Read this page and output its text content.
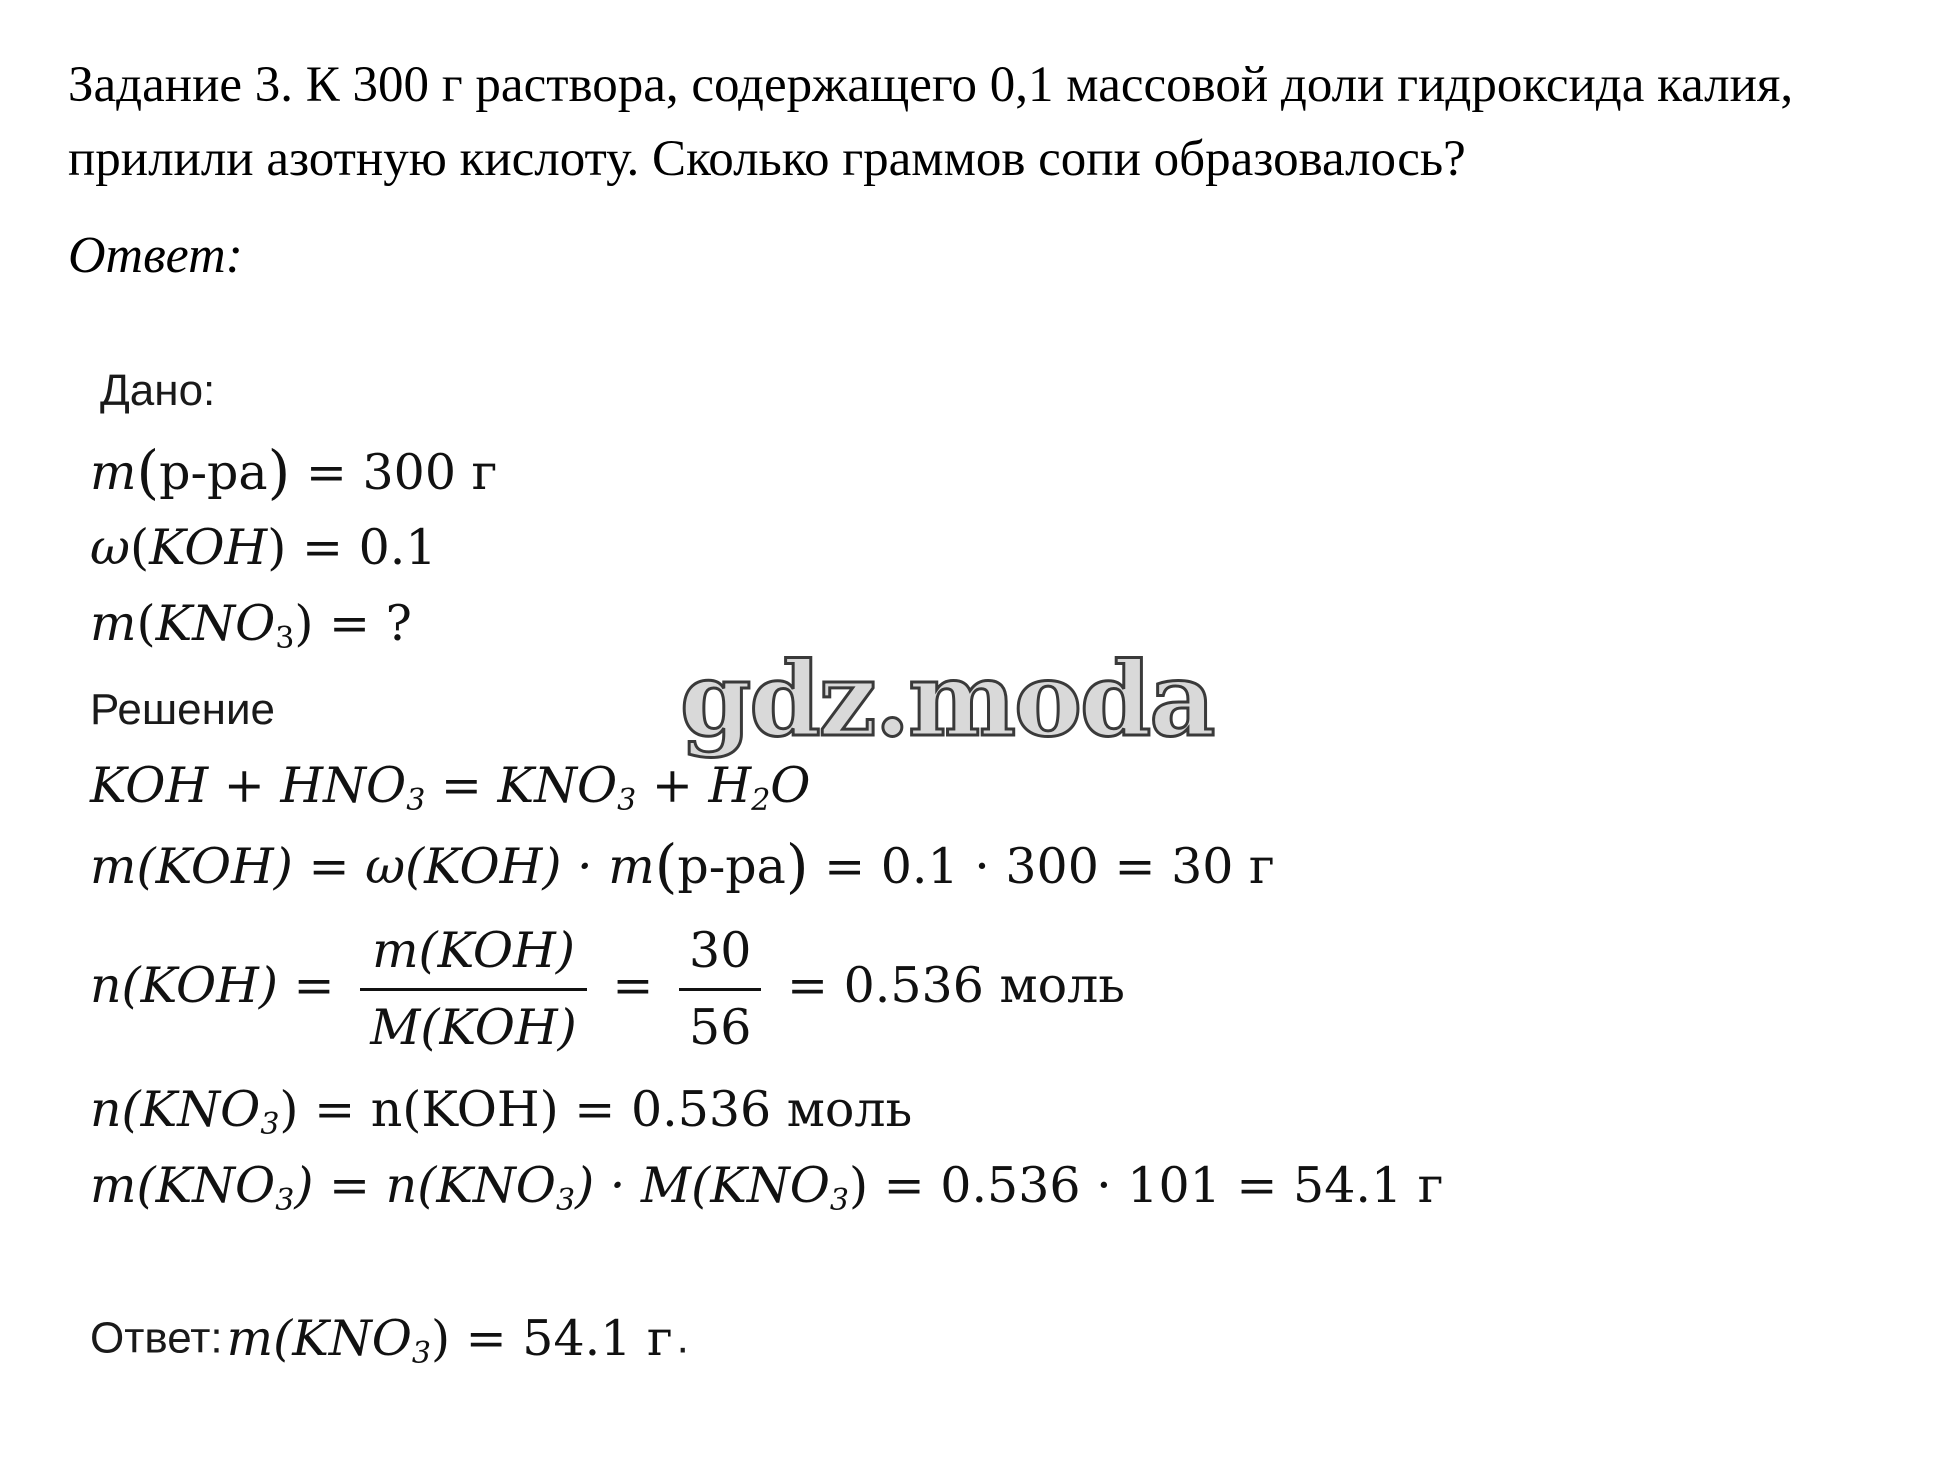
Задание 3. К 300 г раствора, содержащего 0,1 массовой доли гидроксида калия, прилили азотную кислоту. Сколько граммов сопи образовалось?
Ответ:
Дано:
m(р-ра) = 300 г
ω(KOH) = 0.1
$m(KNO_3)$ = ?
Решение
KOH + $HNO_3 = KNO_3 + H_2O$
m(KOH) = ω(KOH) · m(р-ра) = 0.1 · 300 = 30 г
$n(KOH) = \frac{\text{m(KOH)}}{\text{M(KOH)}} = \frac{30}{56} = 0.536$ моль
$n(KNO_3) = n(KOH) = 0.536$ моль
$m(KNO_3) = n(KNO_3) \cdot M(KNO_3) = 0.536 \cdot 101 = 54.1$ г
Ответ: $m(KNO_3) = 54.1$ г .
gdz.moda
